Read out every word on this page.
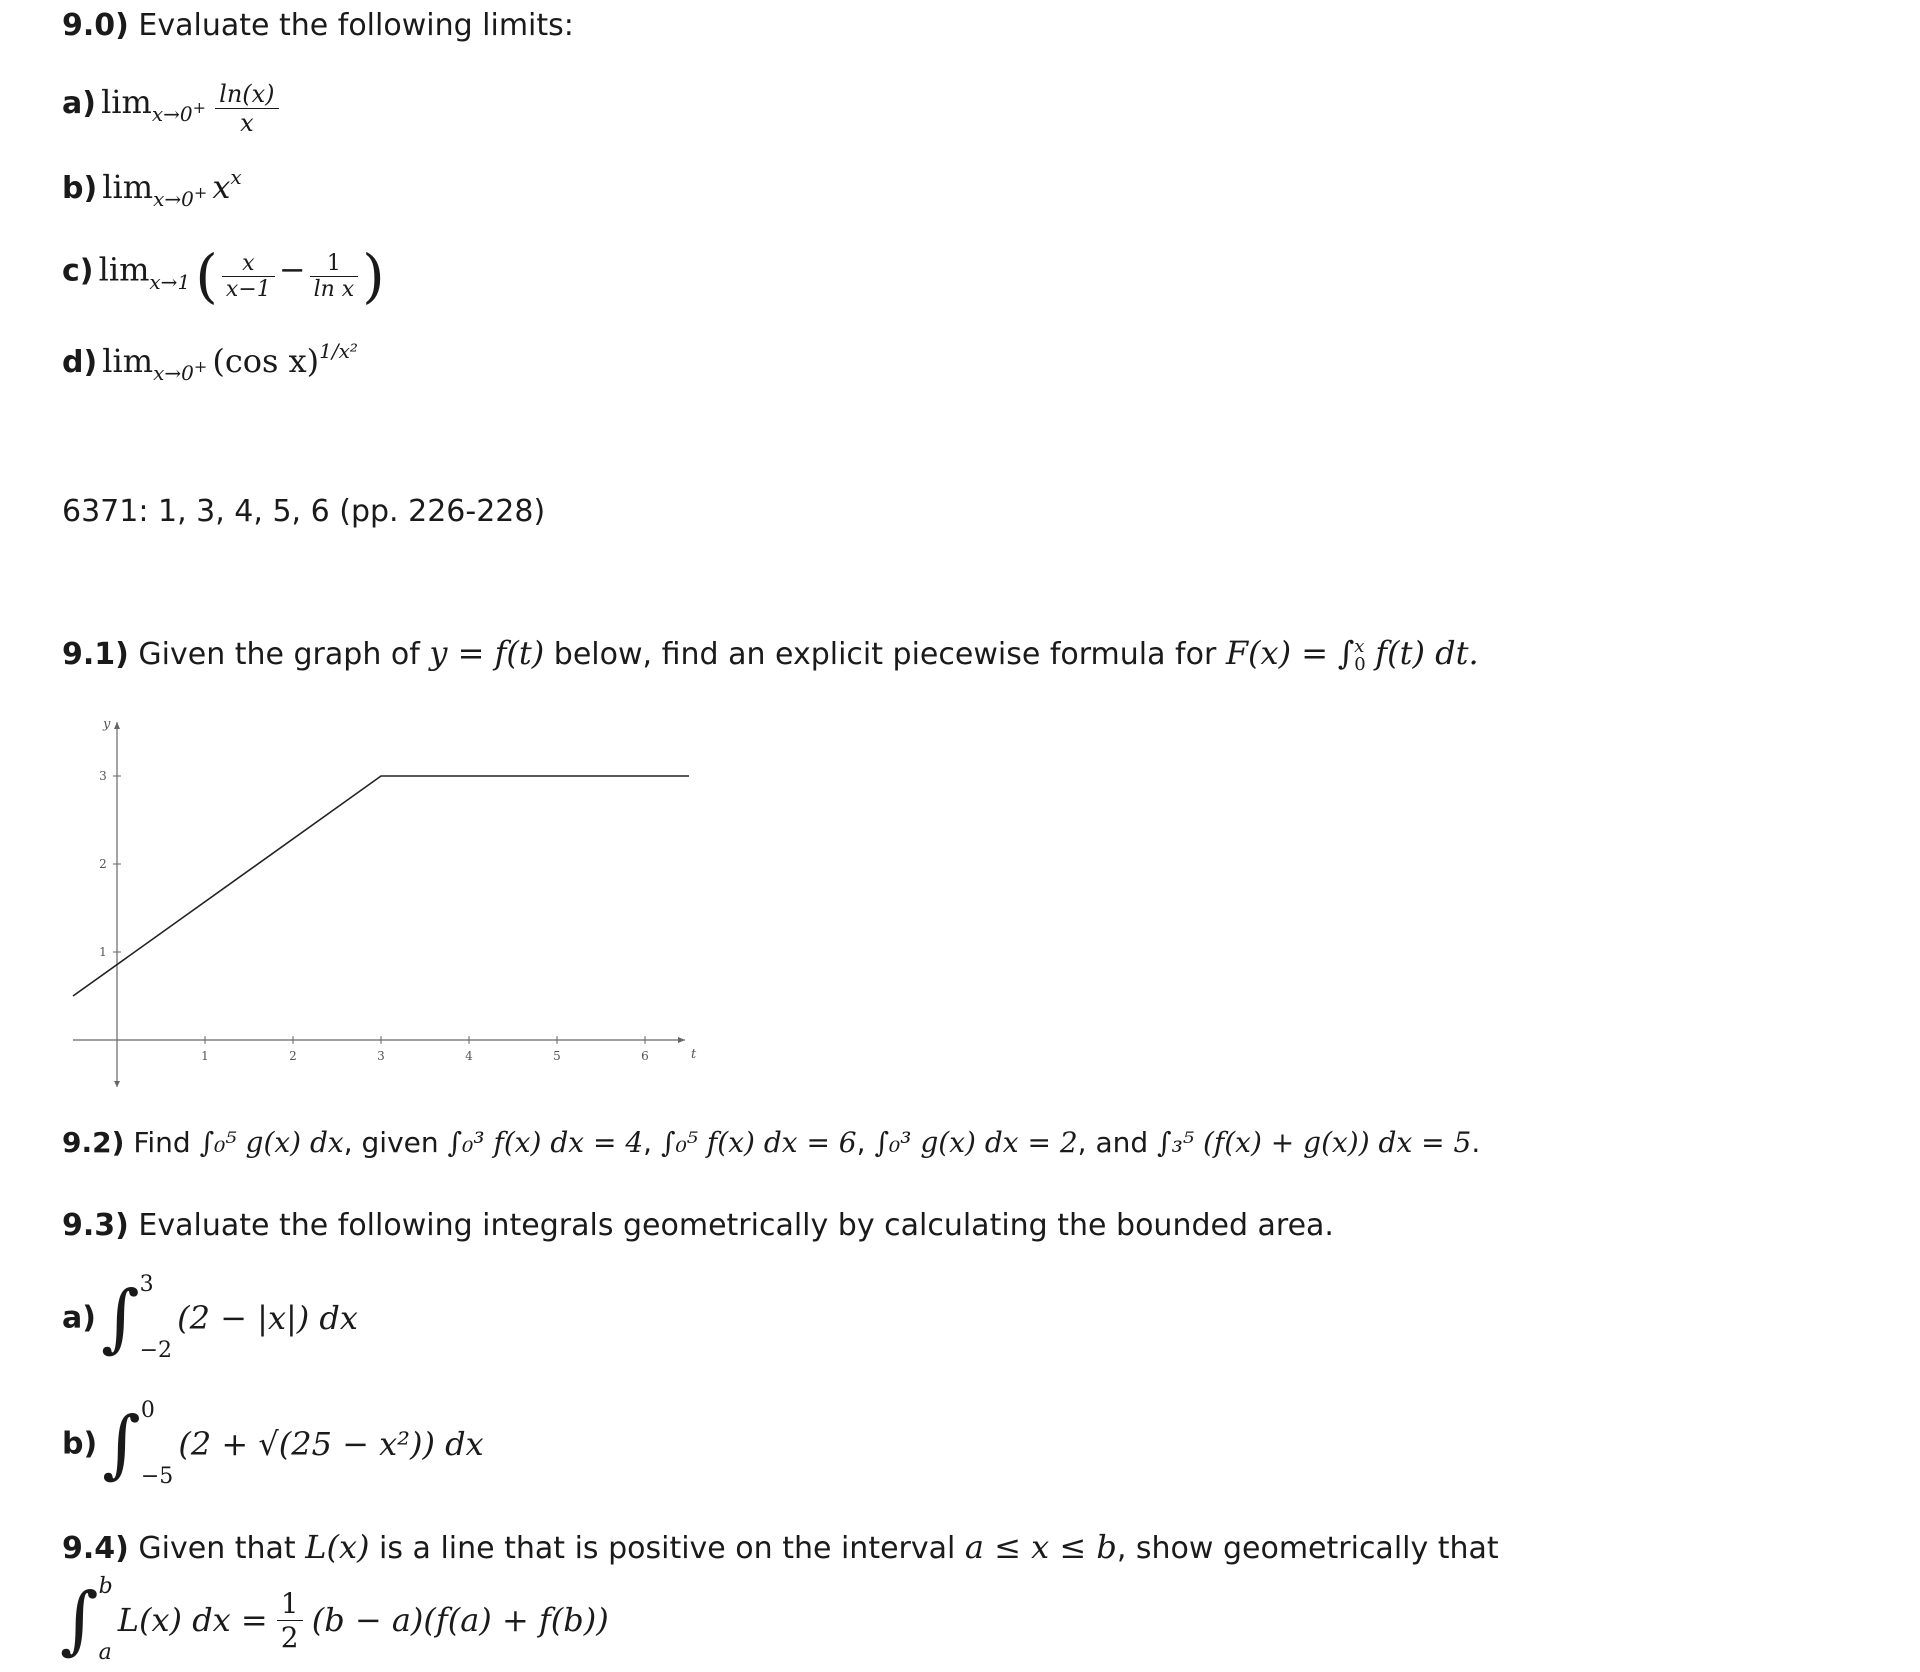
9.0) Evaluate the following limits:
a) $\lim x\to 0+ \frac{\ln(x)}{x}$
b) limx→0+ xx
c) limx→1 ( $\frac{x}{x-1} - \frac{1}{\text{ln x}}$ )
d) limx→0+ (cos x)1/x²
6371: 1, 3, 4, 5, 6 (pp. 226-228)
9.1) Given the graph of y = f(t) below, find an explicit piecewise formula for F(x) = ∫ x
0 f(t) dt.
1	2	3	4	5	6
1
2
3
t
y
9.2) Find ∫₀⁵ g(x) dx, given ∫₀³ f(x) dx = 4, ∫₀⁵ f(x) dx = 6, ∫₀³ g(x) dx = 2, and ∫₃⁵ (f(x) + g(x)) dx = 5.
9.3) Evaluate the following integrals geometrically by calculating the bounded area.
a) ∫ 3
−2
(2 − |x|) dx
b) ∫ 0
−5
(2 + √(25 − x²)) dx
9.4) Given that L(x) is a line that is positive on the interval a ≤ x ≤ b, show geometrically that
∫ b
a
L(x) dx = $\frac{1}{2} (b - a)(f(a) + f(b))$
